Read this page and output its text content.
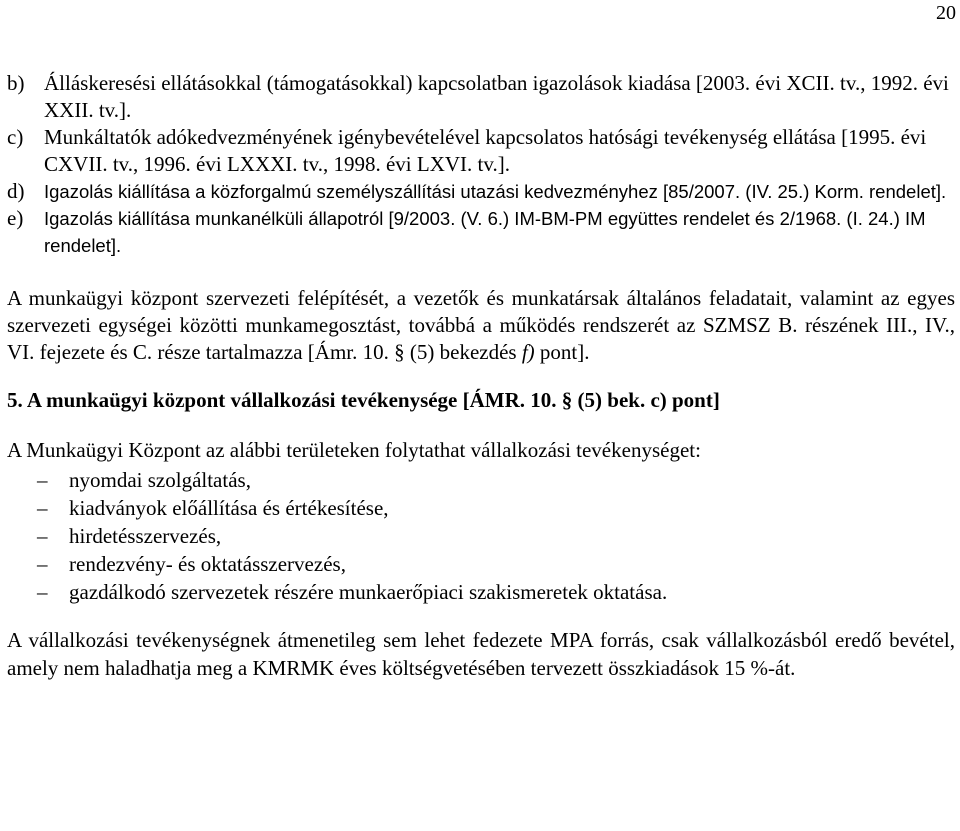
20
b) Álláskeresési ellátásokkal (támogatásokkal) kapcsolatban igazolások kiadása [2003. évi XCII. tv., 1992. évi XXII. tv.].
c) Munkáltatók adókedvezményének igénybevételével kapcsolatos hatósági tevékenység ellátása [1995. évi CXVII. tv., 1996. évi LXXXI. tv., 1998. évi LXVI. tv.].
d) Igazolás kiállítása a közforgalmú személyszállítási utazási kedvezményhez [85/2007. (IV. 25.) Korm. rendelet].
e) Igazolás kiállítása munkanélküli állapotról [9/2003. (V. 6.) IM-BM-PM együttes rendelet és 2/1968. (I. 24.) IM rendelet].
A munkaügyi központ szervezeti felépítését, a vezetők és munkatársak általános feladatait, valamint az egyes szervezeti egységei közötti munkamegosztást, továbbá a működés rendszerét az SZMSZ B. részének III., IV., VI. fejezete és C. része tartalmazza [Ámr. 10. § (5) bekezdés f) pont].
5. A munkaügyi központ vállalkozási tevékenysége [ÁMR. 10. § (5) bek. c) pont]
A Munkaügyi Központ az alábbi területeken folytathat vállalkozási tevékenységet:
– nyomdai szolgáltatás,
– kiadványok előállítása és értékesítése,
– hirdetésszervezés,
– rendezvény- és oktatásszervezés,
– gazdálkodó szervezetek részére munkaerőpiaci szakismeretek oktatása.
A vállalkozási tevékenységnek átmenetileg sem lehet fedezete MPA forrás, csak vállalkozásból eredő bevétel, amely nem haladhatja meg a KMRMK éves költségvetésében tervezett összkiadások 15 %-át.
